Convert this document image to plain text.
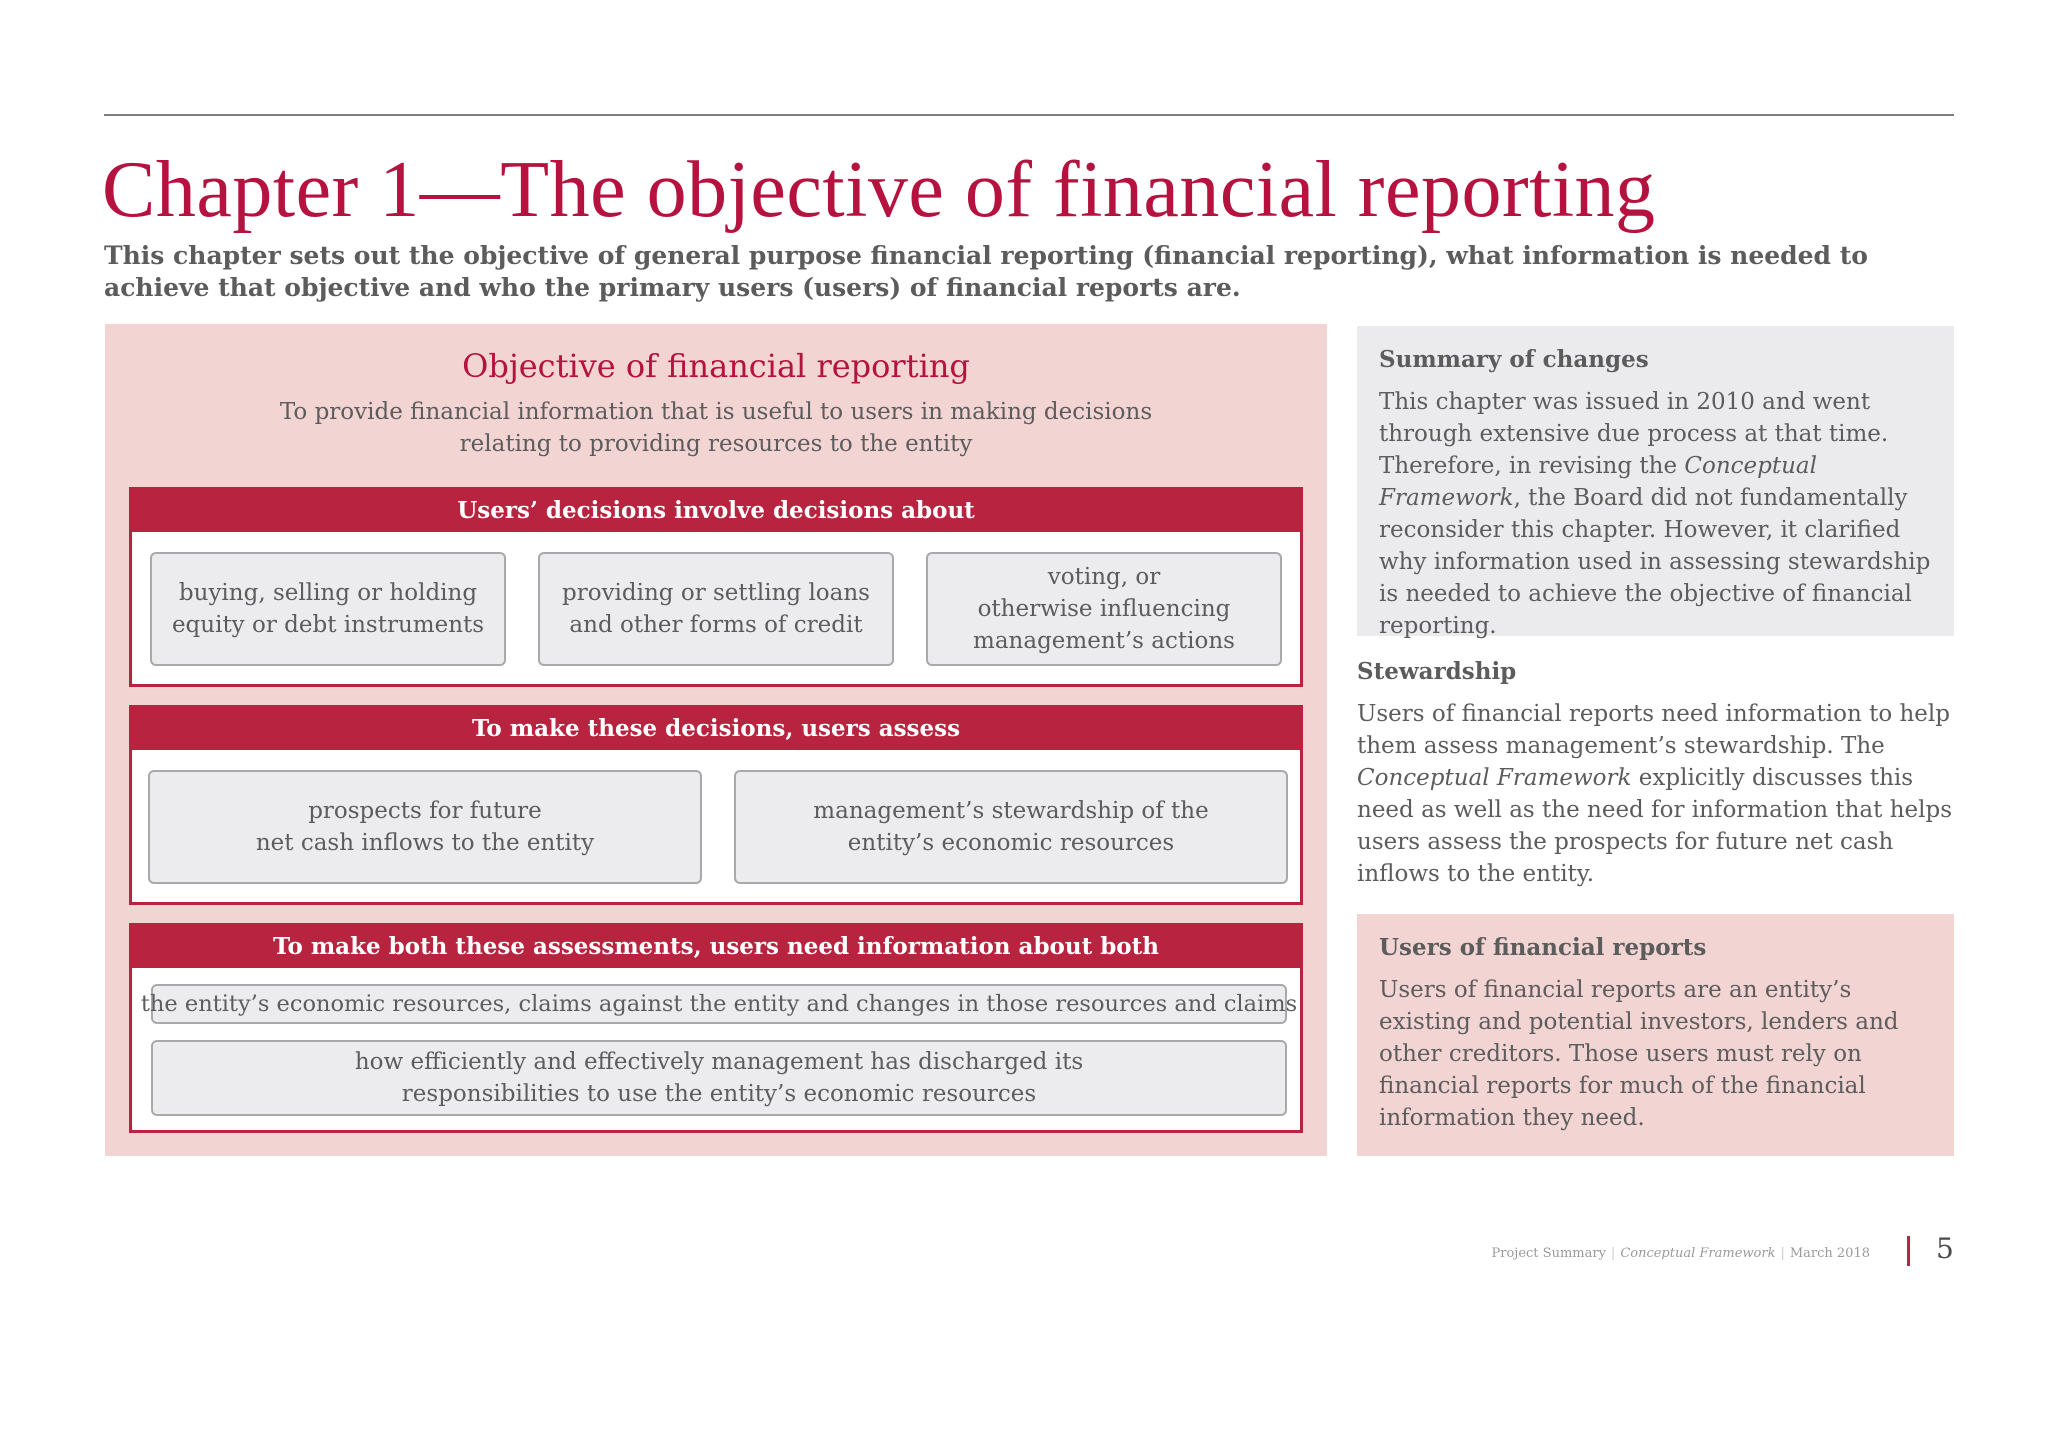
Chapter 1—The objective of financial reporting

This chapter sets out the objective of general purpose financial reporting (financial reporting), what information is needed to achieve that objective and who the primary users (users) of financial reports are.

Objective of financial reporting

To provide financial information that is useful to users in making decisions
relating to providing resources to the entity

Users’ decisions involve decisions about
buying, selling or holding
equity or debt instruments
providing or settling loans
and other forms of credit
voting, or
otherwise influencing
management’s actions
To make these decisions, users assess
prospects for future
net cash inflows to the entity
management’s stewardship of the
entity’s economic resources
To make both these assessments, users need information about both
the entity’s economic resources, claims against the entity and changes in those resources and claims
how efficiently and effectively management has discharged its
responsibilities to use the entity’s economic resources
Summary of changes

This chapter was issued in 2010 and went through extensive due process at that time. Therefore, in revising the Conceptual Framework, the Board did not fundamentally reconsider this chapter. However, it clarified why information used in assessing stewardship is needed to achieve the objective of financial reporting.

Stewardship

Users of financial reports need information to help them assess management’s stewardship. The Conceptual Framework explicitly discusses this need as well as the need for information that helps users assess the prospects for future net cash inflows to the entity.

Users of financial reports

Users of financial reports are an entity’s existing and potential investors, lenders and other creditors. Those users must rely on financial reports for much of the financial information they need.

Project Summary | Conceptual Framework | March 2018 5
